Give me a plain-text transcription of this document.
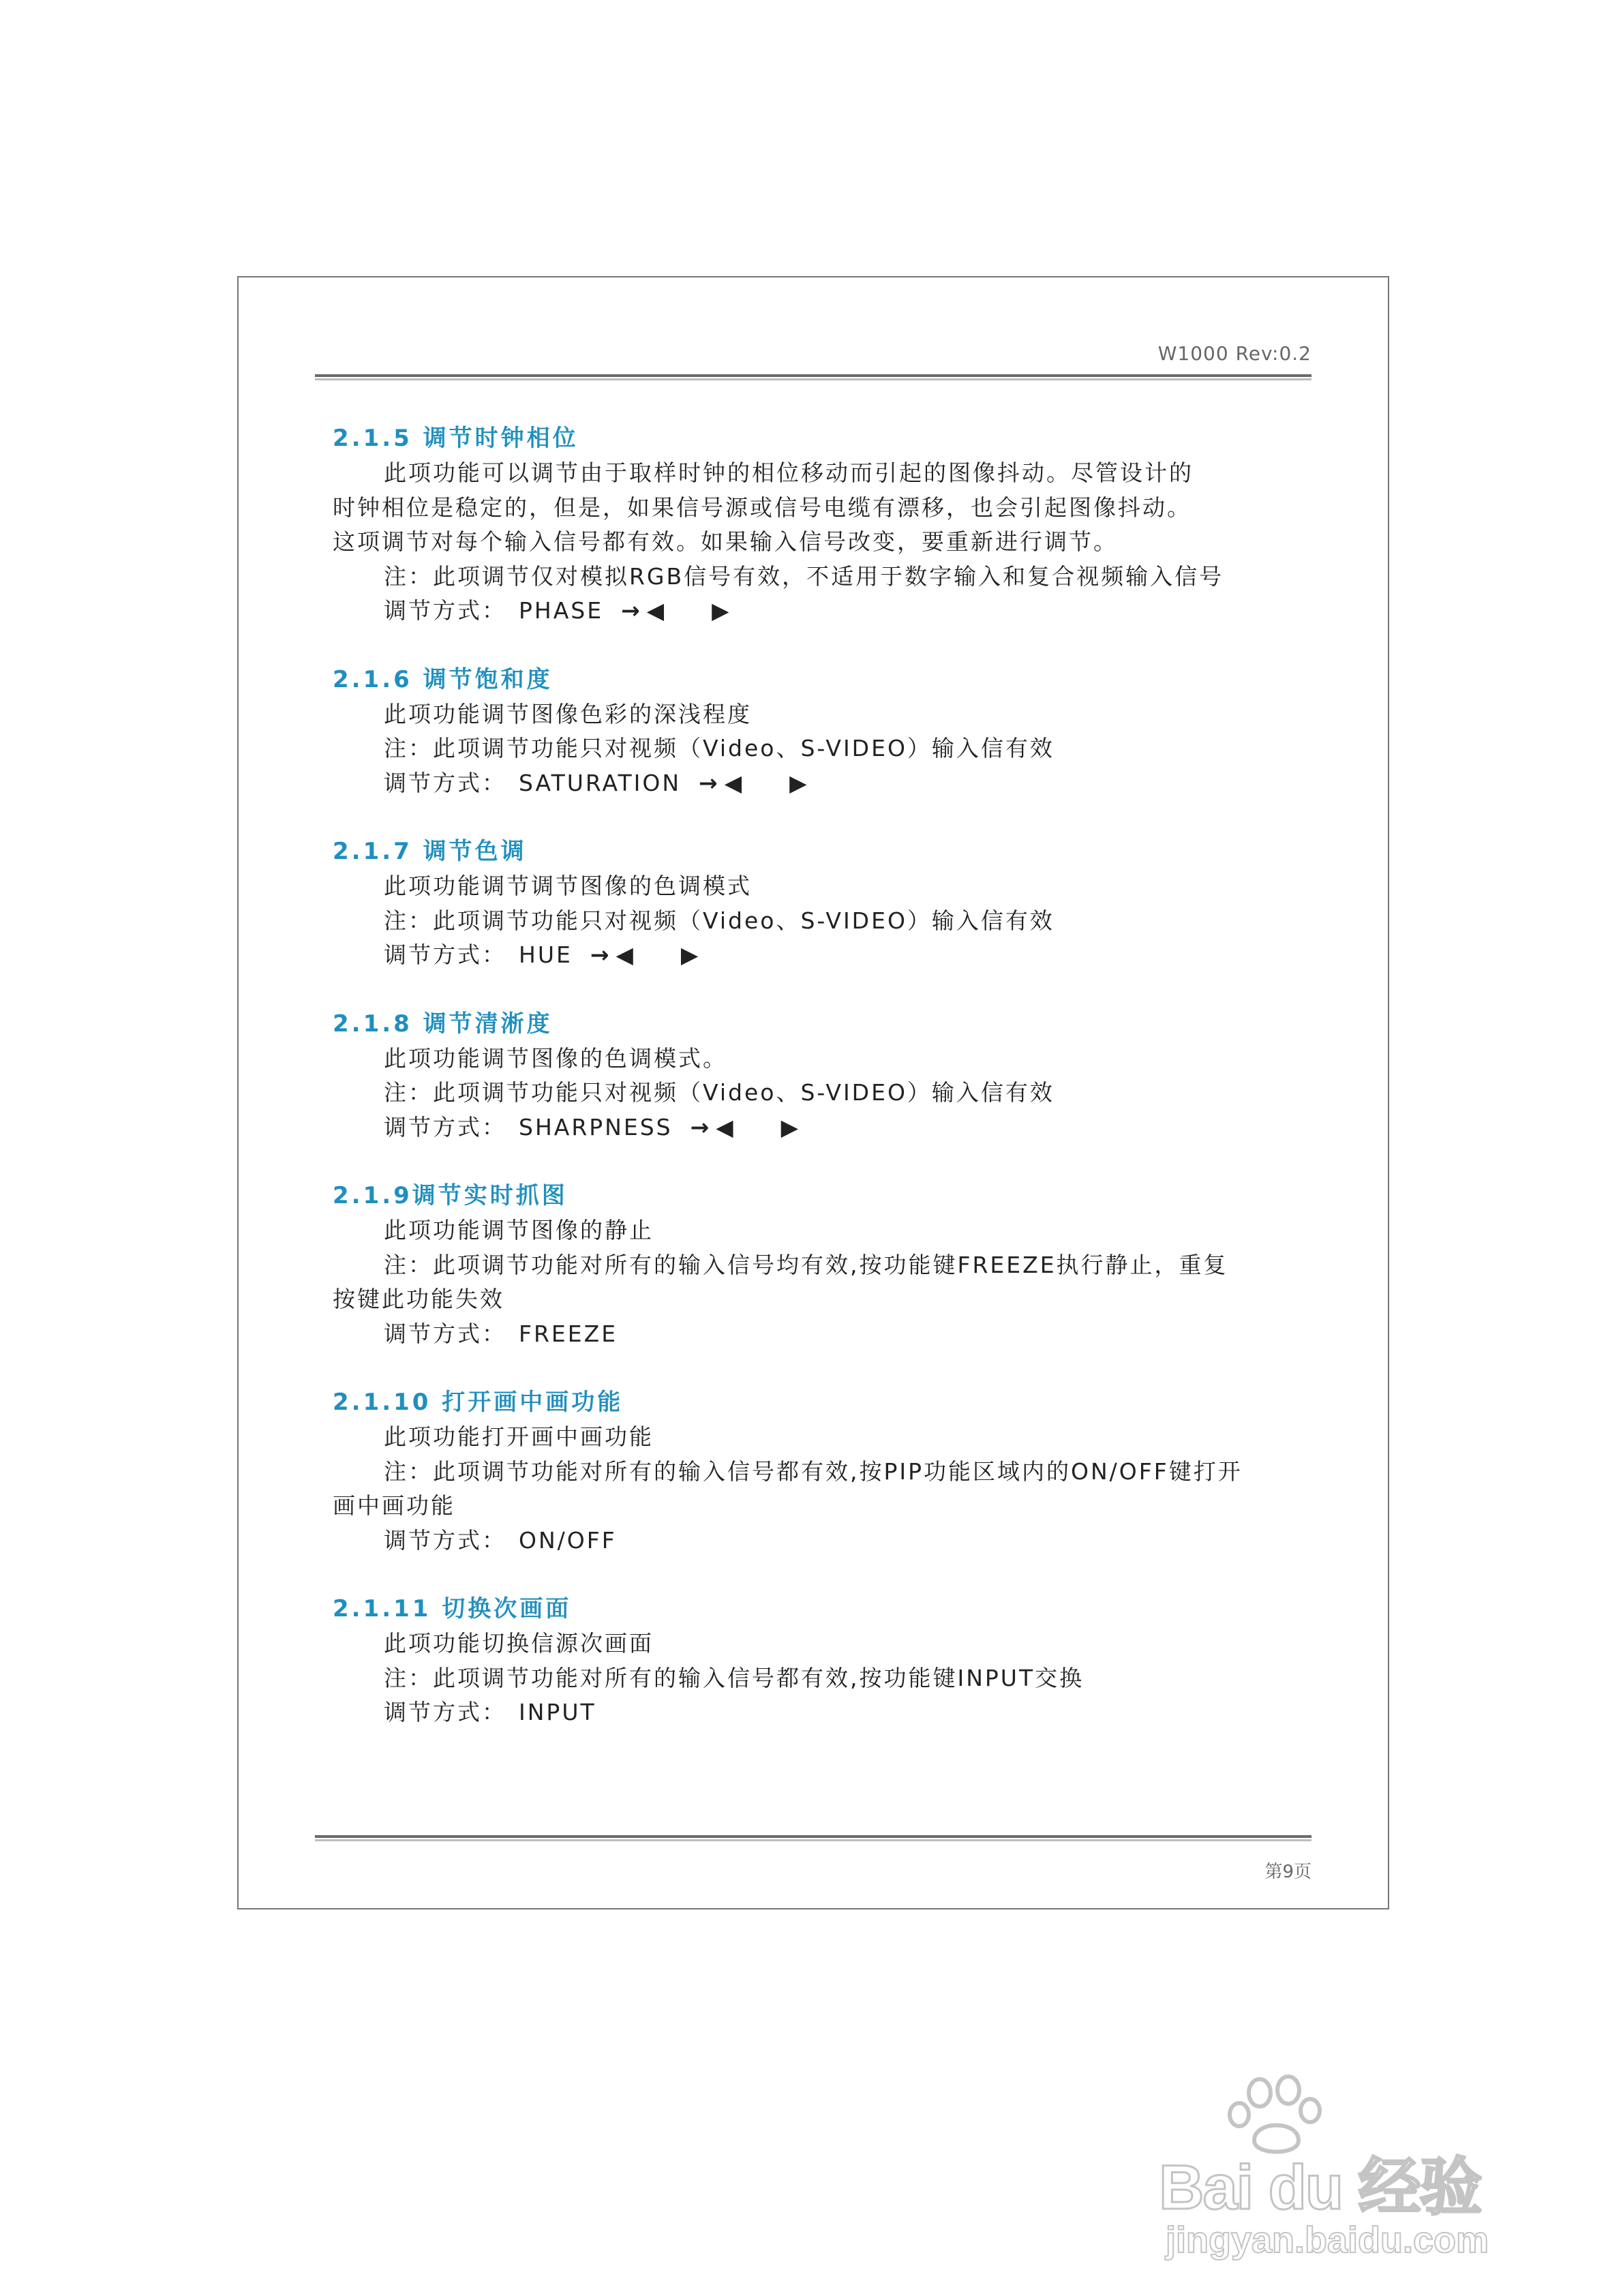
W1000 Rev:0.2

2.1.5 调节时钟相位

此项功能可以调节由于取样时钟的相位移动而引起的图像抖动。尽管设计的

时钟相位是稳定的，但是，如果信号源或信号电缆有漂移，也会引起图像抖动。

这项调节对每个输入信号都有效。如果输入信号改变，要重新进行调节。

注：此项调节仅对模拟RGB信号有效，不适用于数字输入和复合视频输入信号

调节方式： PHASE → ◀ ▶

2.1.6 调节饱和度

此项功能调节图像色彩的深浅程度

注：此项调节功能只对视频（Video、S-VIDEO）输入信有效

调节方式： SATURATION → ◀ ▶

2.1.7 调节色调

此项功能调节调节图像的色调模式

注：此项调节功能只对视频（Video、S-VIDEO）输入信有效

调节方式： HUE → ◀ ▶

2.1.8 调节清淅度

此项功能调节图像的色调模式。

注：此项调节功能只对视频（Video、S-VIDEO）输入信有效

调节方式： SHARPNESS → ◀ ▶

2.1.9调节实时抓图

此项功能调节图像的静止

注：此项调节功能对所有的输入信号均有效,按功能键FREEZE执行静止，重复

按键此功能失效

调节方式： FREEZE

2.1.10 打开画中画功能

此项功能打开画中画功能

注：此项调节功能对所有的输入信号都有效,按PIP功能区域内的ON/OFF键打开

画中画功能

调节方式： ON/OFF

2.1.11 切换次画面

此项功能切换信源次画面

注：此项调节功能对所有的输入信号都有效,按功能键INPUT交换

调节方式： INPUT

第9页
Bai du 经验
jingyan.baidu.com
